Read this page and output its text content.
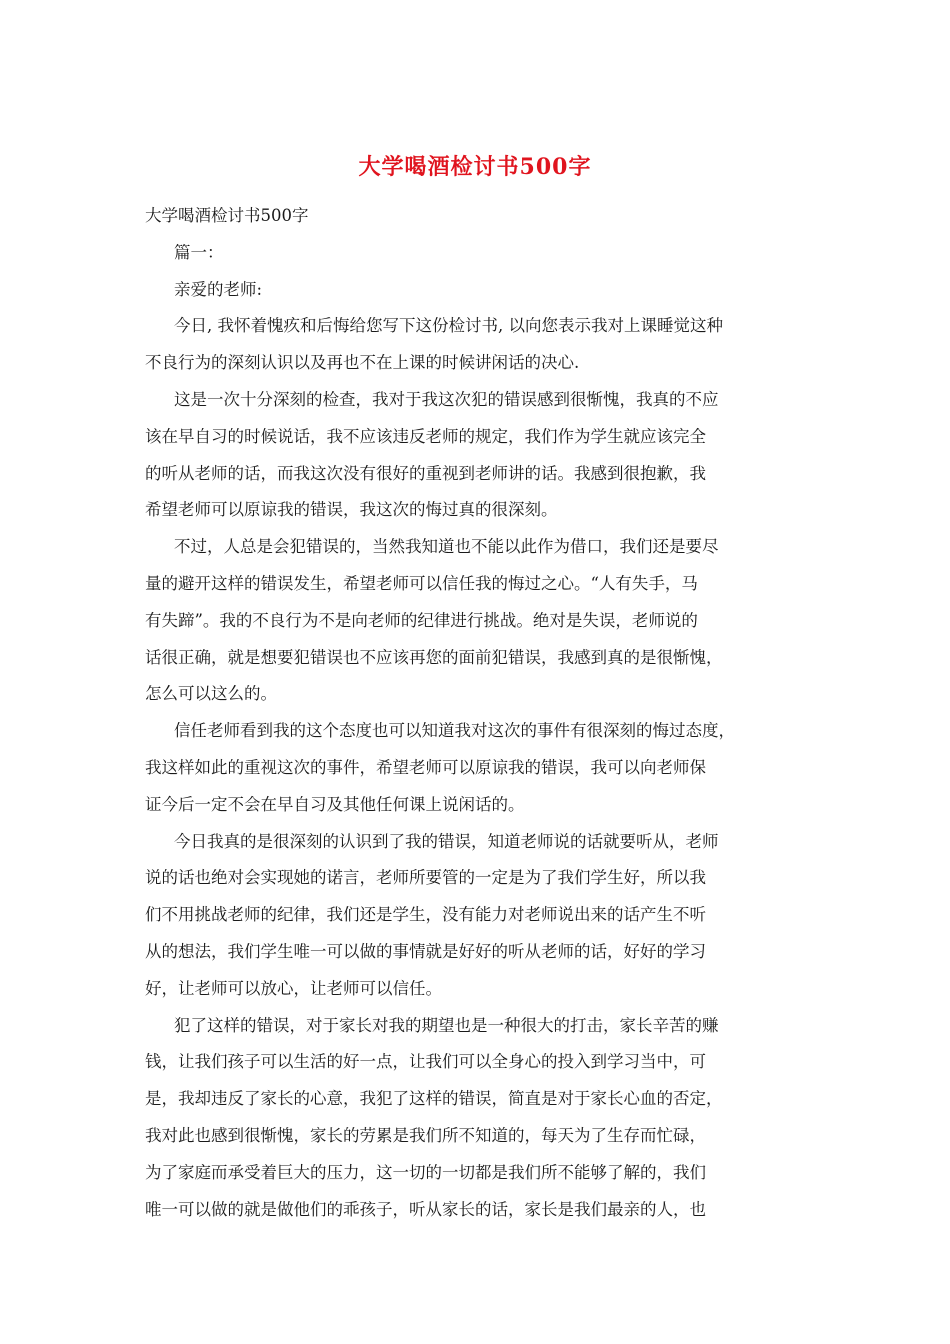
大学喝酒检讨书500字

大学喝酒检讨书500字

篇一：

亲爱的老师:

今日, 我怀着愧疚和后悔给您写下这份检讨书, 以向您表示我对上课睡觉这种
不良行为的深刻认识以及再也不在上课的时候讲闲话的决心.

这是一次十分深刻的检查，我对于我这次犯的错误感到很惭愧，我真的不应
该在早自习的时候说话，我不应该违反老师的规定，我们作为学生就应该完全
的听从老师的话，而我这次没有很好的重视到老师讲的话。我感到很抱歉，我
希望老师可以原谅我的错误，我这次的悔过真的很深刻。

不过，人总是会犯错误的，当然我知道也不能以此作为借口，我们还是要尽
量的避开这样的错误发生，希望老师可以信任我的悔过之心。“人有失手，马
有失蹄”。我的不良行为不是向老师的纪律进行挑战。绝对是失误，老师说的
话很正确，就是想要犯错误也不应该再您的面前犯错误，我感到真的是很惭愧，
怎么可以这么的。

信任老师看到我的这个态度也可以知道我对这次的事件有很深刻的悔过态度，
我这样如此的重视这次的事件，希望老师可以原谅我的错误，我可以向老师保
证今后一定不会在早自习及其他任何课上说闲话的。

今日我真的是很深刻的认识到了我的错误，知道老师说的话就要听从，老师
说的话也绝对会实现她的诺言，老师所要管的一定是为了我们学生好，所以我
们不用挑战老师的纪律，我们还是学生，没有能力对老师说出来的话产生不听
从的想法，我们学生唯一可以做的事情就是好好的听从老师的话，好好的学习
好，让老师可以放心，让老师可以信任。

犯了这样的错误，对于家长对我的期望也是一种很大的打击，家长辛苦的赚
钱，让我们孩子可以生活的好一点，让我们可以全身心的投入到学习当中，可
是，我却违反了家长的心意，我犯了这样的错误，简直是对于家长心血的否定，
我对此也感到很惭愧，家长的劳累是我们所不知道的，每天为了生存而忙碌，
为了家庭而承受着巨大的压力，这一切的一切都是我们所不能够了解的，我们
唯一可以做的就是做他们的乖孩子，听从家长的话，家长是我们最亲的人，也
